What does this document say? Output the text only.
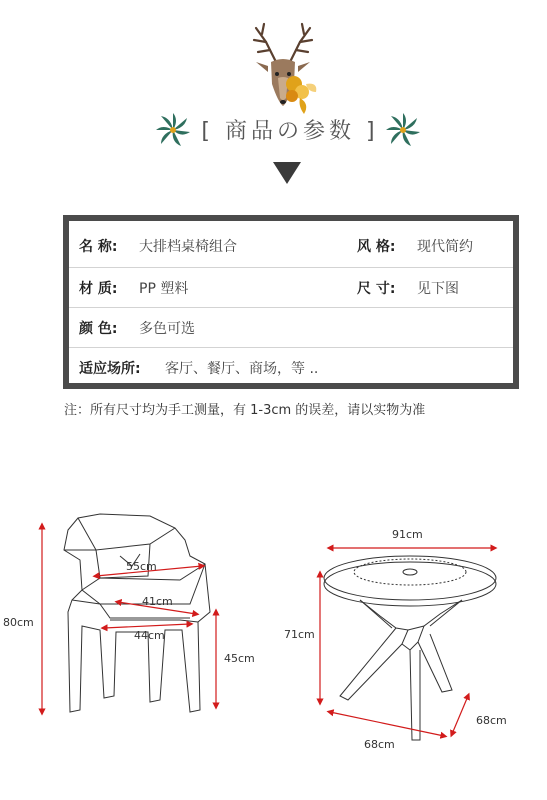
[ 商品の参数 ]
名 称: 大排档桌椅组合	风 格: 现代简约
材 质: PP 塑料	尺 寸: 见下图
颜 色: 多色可选
适应场所: 客厅、餐厅、商场，等 ..
注：所有尺寸均为手工测量，有 1-3cm 的误差，请以实物为准
80cm
55cm
41cm
44cm
45cm
91cm
71cm
68cm
68cm
